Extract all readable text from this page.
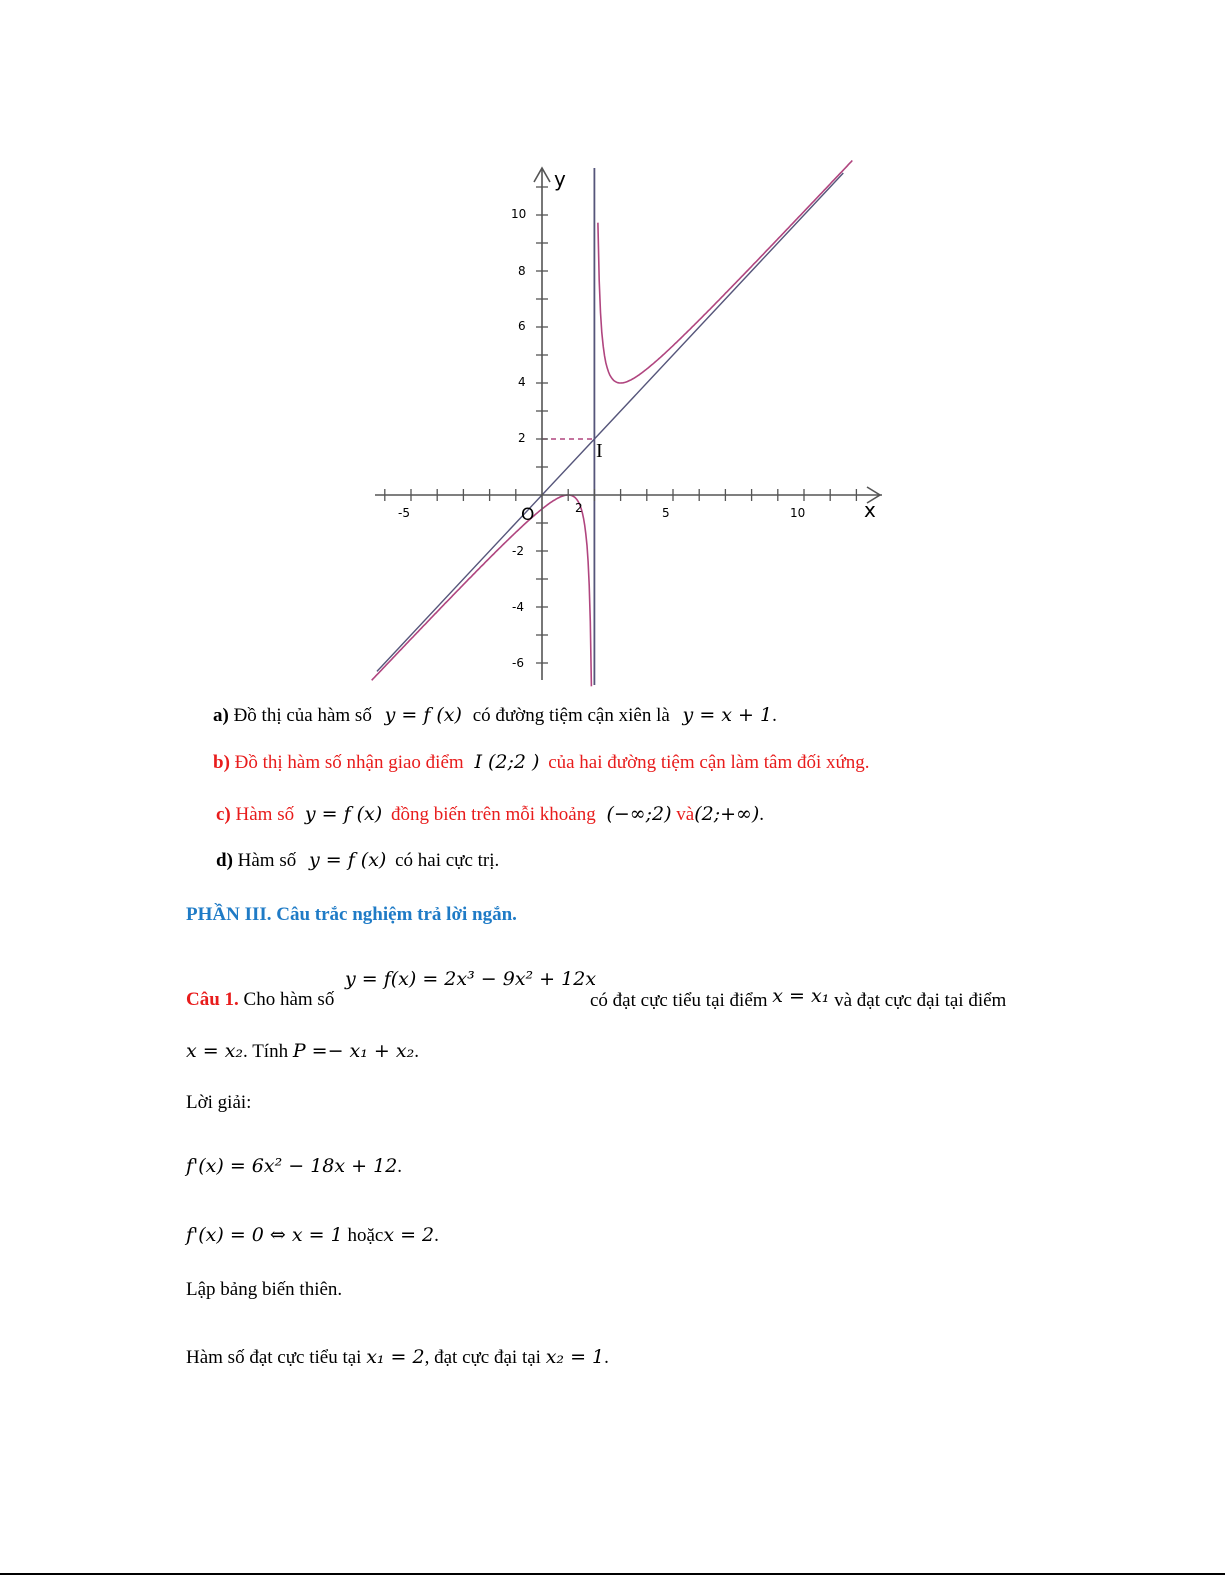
x
y
O
I
-5	2	5	10
10
8
6
4
2
-2
-4
-6
a) Đồ thị của hàm số y = f (x) có đường tiệm cận xiên là y = x + 1.
b) Đồ thị hàm số nhận giao điểm I (2;2 ) của hai đường tiệm cận làm tâm đối xứng.
c) Hàm số y = f (x) đồng biến trên mỗi khoảng (−∞;2) và(2;+∞).
d) Hàm số y = f (x) có hai cực trị.
PHẦN III. Câu trắc nghiệm trả lời ngắn.
y = f(x) = 2x³ − 9x² + 12x
Câu 1. Cho hàm số	có đạt cực tiểu tại điểm x = x₁ và đạt cực đại tại điểm
x = x₂. Tính P =− x₁ + x₂.
Lời giải:
f'(x) = 6x² − 18x + 12.
f'(x) = 0 ⇔ x = 1 hoặcx = 2.
Lập bảng biến thiên.
Hàm số đạt cực tiểu tại x₁ = 2, đạt cực đại tại x₂ = 1.
